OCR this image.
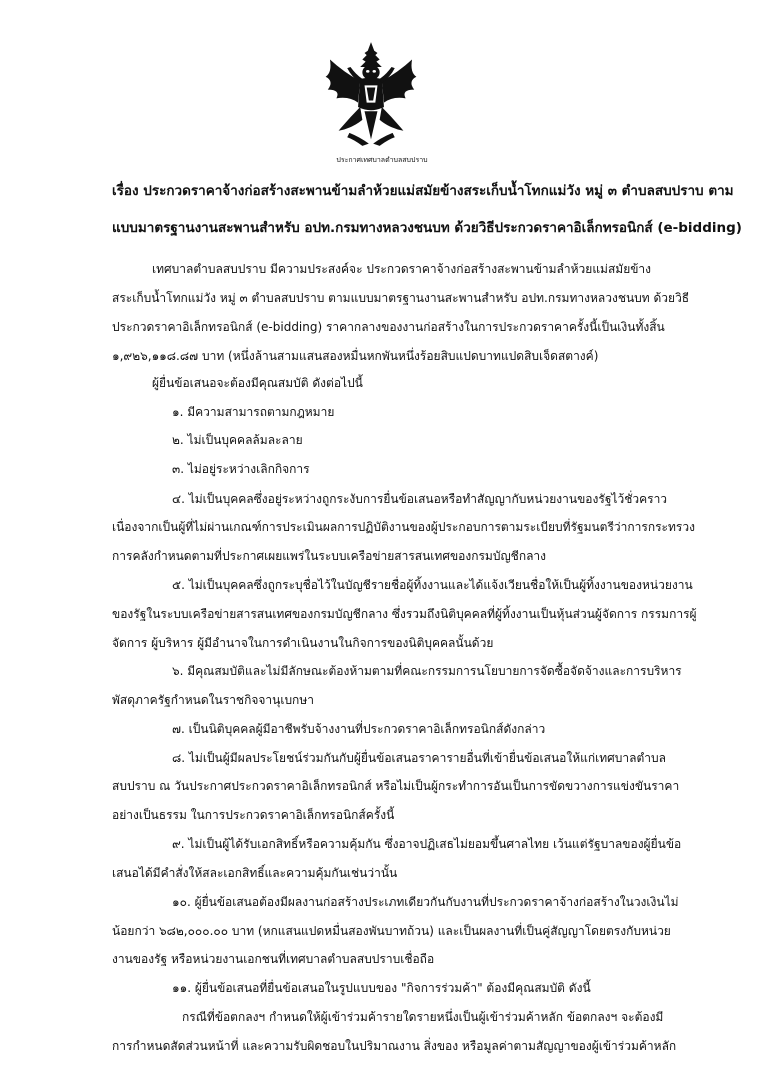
ประกาศเทศบาลตำบลสบปราบ
เรื่อง ประกวดราคาจ้างก่อสร้างสะพานข้ามลำห้วยแม่สมัยข้างสระเก็บน้ำโทกแม่วัง หมู่ ๓ ตำบลสบปราบ ตาม
แบบมาตรฐานงานสะพานสำหรับ อปท.กรมทางหลวงชนบท ด้วยวิธีประกวดราคาอิเล็กทรอนิกส์ (e-bidding)
เทศบาลตำบลสบปราบ มีความประสงค์จะ ประกวดราคาจ้างก่อสร้างสะพานข้ามลำห้วยแม่สมัยข้าง
สระเก็บน้ำโทกแม่วัง หมู่ ๓ ตำบลสบปราบ ตามแบบมาตรฐานงานสะพานสำหรับ อปท.กรมทางหลวงชนบท ด้วยวิธี
ประกวดราคาอิเล็กทรอนิกส์ (e-bidding) ราคากลางของงานก่อสร้างในการประกวดราคาครั้งนี้เป็นเงินทั้งสิ้น
๑,๙๒๖,๑๑๘.๘๗ บาท (หนึ่งล้านสามแสนสองหมื่นหกพันหนึ่งร้อยสิบแปดบาทแปดสิบเจ็ดสตางค์)
ผู้ยื่นข้อเสนอจะต้องมีคุณสมบัติ ดังต่อไปนี้
๑. มีความสามารถตามกฎหมาย
๒. ไม่เป็นบุคคลล้มละลาย
๓. ไม่อยู่ระหว่างเลิกกิจการ
๔. ไม่เป็นบุคคลซึ่งอยู่ระหว่างถูกระงับการยื่นข้อเสนอหรือทำสัญญากับหน่วยงานของรัฐไว้ชั่วคราว
เนื่องจากเป็นผู้ที่ไม่ผ่านเกณฑ์การประเมินผลการปฏิบัติงานของผู้ประกอบการตามระเบียบที่รัฐมนตรีว่าการกระทรวง
การคลังกำหนดตามที่ประกาศเผยแพร่ในระบบเครือข่ายสารสนเทศของกรมบัญชีกลาง
๕. ไม่เป็นบุคคลซึ่งถูกระบุชื่อไว้ในบัญชีรายชื่อผู้ทิ้งงานและได้แจ้งเวียนชื่อให้เป็นผู้ทิ้งงานของหน่วยงาน
ของรัฐในระบบเครือข่ายสารสนเทศของกรมบัญชีกลาง ซึ่งรวมถึงนิติบุคคลที่ผู้ทิ้งงานเป็นหุ้นส่วนผู้จัดการ กรรมการผู้
จัดการ ผู้บริหาร ผู้มีอำนาจในการดำเนินงานในกิจการของนิติบุคคลนั้นด้วย
๖. มีคุณสมบัติและไม่มีลักษณะต้องห้ามตามที่คณะกรรมการนโยบายการจัดซื้อจัดจ้างและการบริหาร
พัสดุภาครัฐกำหนดในราชกิจจานุเบกษา
๗. เป็นนิติบุคคลผู้มีอาชีพรับจ้างงานที่ประกวดราคาอิเล็กทรอนิกส์ดังกล่าว
๘. ไม่เป็นผู้มีผลประโยชน์ร่วมกันกับผู้ยื่นข้อเสนอราคารายอื่นที่เข้ายื่นข้อเสนอให้แก่เทศบาลตำบล
สบปราบ ณ วันประกาศประกวดราคาอิเล็กทรอนิกส์ หรือไม่เป็นผู้กระทำการอันเป็นการขัดขวางการแข่งขันราคา
อย่างเป็นธรรม ในการประกวดราคาอิเล็กทรอนิกส์ครั้งนี้
๙. ไม่เป็นผู้ได้รับเอกสิทธิ์หรือความคุ้มกัน ซึ่งอาจปฏิเสธไม่ยอมขึ้นศาลไทย เว้นแต่รัฐบาลของผู้ยื่นข้อ
เสนอได้มีคำสั่งให้สละเอกสิทธิ์และความคุ้มกันเช่นว่านั้น
๑๐. ผู้ยื่นข้อเสนอต้องมีผลงานก่อสร้างประเภทเดียวกันกับงานที่ประกวดราคาจ้างก่อสร้างในวงเงินไม่
น้อยกว่า ๖๘๒,๐๐๐.๐๐ บาท (หกแสนแปดหมื่นสองพันบาทถ้วน) และเป็นผลงานที่เป็นคู่สัญญาโดยตรงกับหน่วย
งานของรัฐ หรือหน่วยงานเอกชนที่เทศบาลตำบลสบปราบเชื่อถือ
๑๑. ผู้ยื่นข้อเสนอที่ยื่นข้อเสนอในรูปแบบของ "กิจการร่วมค้า" ต้องมีคุณสมบัติ ดังนี้
กรณีที่ข้อตกลงฯ กำหนดให้ผู้เข้าร่วมค้ารายใดรายหนึ่งเป็นผู้เข้าร่วมค้าหลัก ข้อตกลงฯ จะต้องมี
การกำหนดสัดส่วนหน้าที่ และความรับผิดชอบในปริมาณงาน สิ่งของ หรือมูลค่าตามสัญญาของผู้เข้าร่วมค้าหลัก
